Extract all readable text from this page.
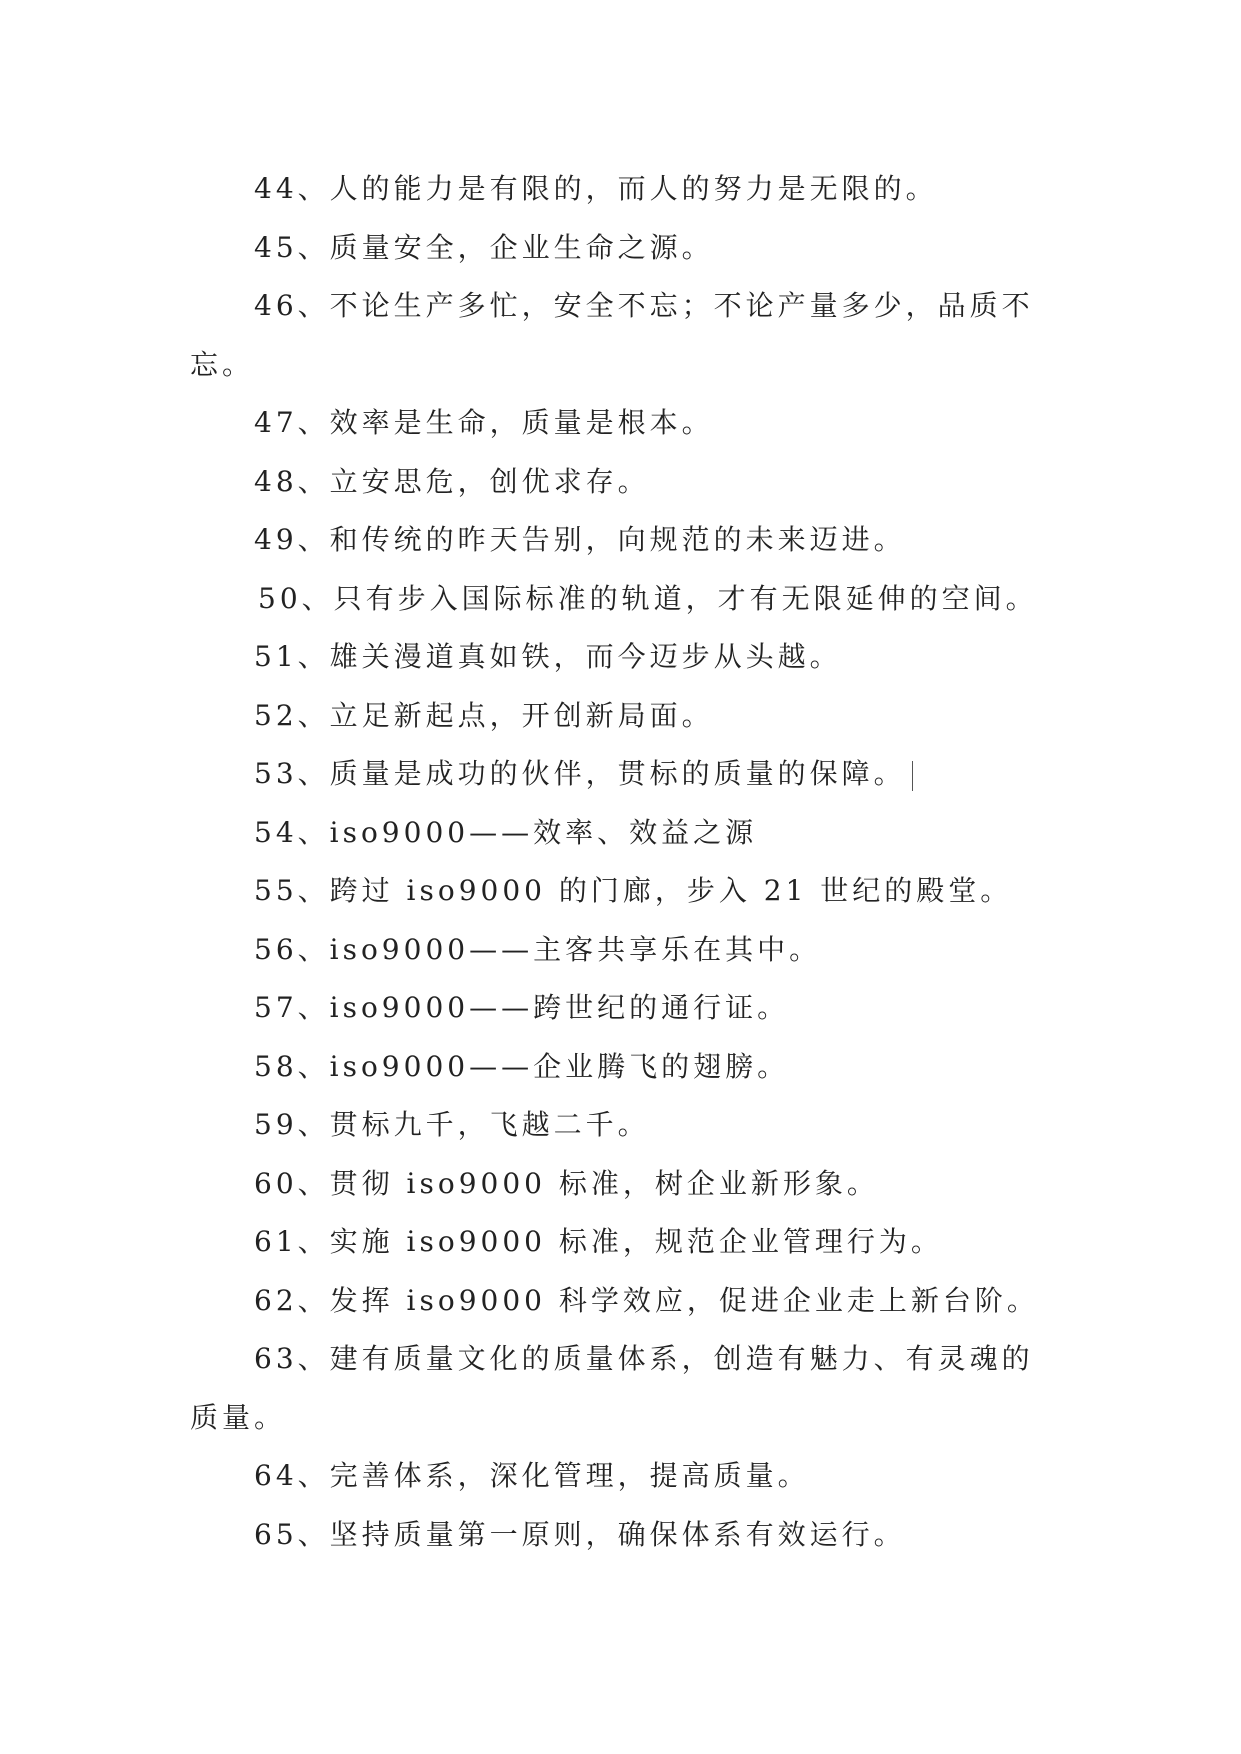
44、人的能力是有限的，而人的努力是无限的。
45、质量安全，企业生命之源。
46、不论生产多忙，安全不忘；不论产量多少，品质不
忘。
47、效率是生命，质量是根本。
48、立安思危，创优求存。
49、和传统的昨天告别，向规范的未来迈进。
50、只有步入国际标准的轨道，才有无限延伸的空间。
51、雄关漫道真如铁，而今迈步从头越。
52、立足新起点，开创新局面。
53、质量是成功的伙伴，贯标的质量的保障。
54、iso9000——效率、效益之源
55、跨过 iso9000 的门廊，步入 21 世纪的殿堂。
56、iso9000——主客共享乐在其中。
57、iso9000——跨世纪的通行证。
58、iso9000——企业腾飞的翅膀。
59、贯标九千，飞越二千。
60、贯彻 iso9000 标准，树企业新形象。
61、实施 iso9000 标准，规范企业管理行为。
62、发挥 iso9000 科学效应，促进企业走上新台阶。
63、建有质量文化的质量体系，创造有魅力、有灵魂的
质量。
64、完善体系，深化管理，提高质量。
65、坚持质量第一原则，确保体系有效运行。
